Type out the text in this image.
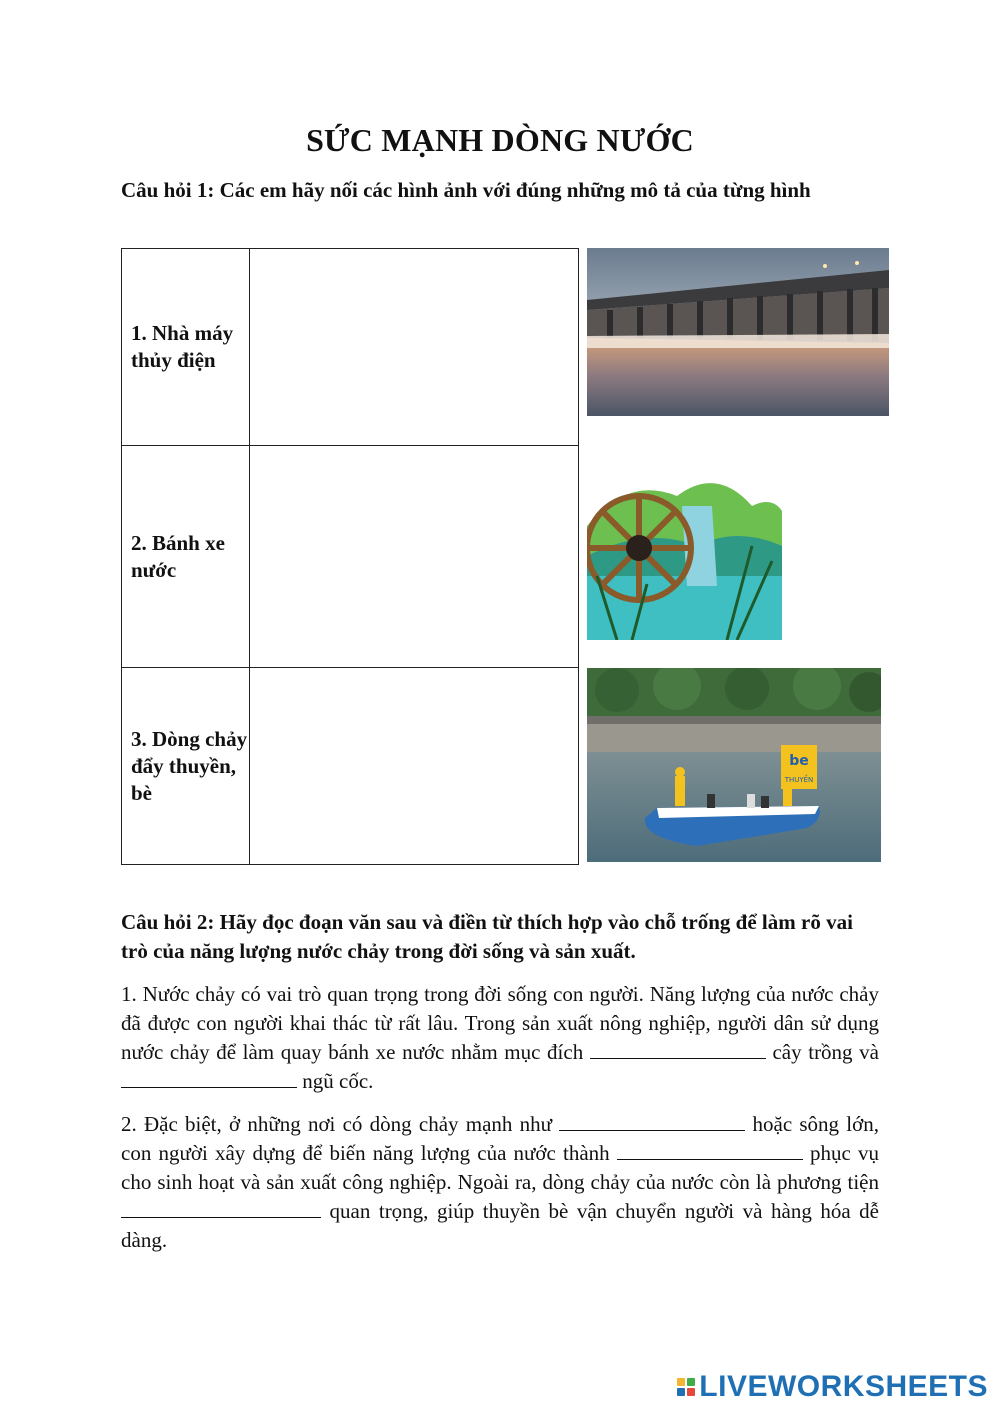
SỨC MẠNH DÒNG NƯỚC
Câu hỏi 1: Các em hãy nối các hình ảnh với đúng những mô tả của từng hình
1. Nhà máy thủy điện	
2. Bánh xe nước	
3. Dòng chảy đẩy thuyền, bè	
be
THUYỀN
Câu hỏi 2: Hãy đọc đoạn văn sau và điền từ thích hợp vào chỗ trống để làm rõ vai trò của năng lượng nước chảy trong đời sống và sản xuất.
1. Nước chảy có vai trò quan trọng trong đời sống con người. Năng lượng của nước chảy đã được con người khai thác từ rất lâu. Trong sản xuất nông nghiệp, người dân sử dụng nước chảy để làm quay bánh xe nước nhằm mục đích	cây trồng và  ngũ cốc.
2. Đặc biệt, ở những nơi có dòng chảy mạnh như	hoặc sông lớn, con người xây dựng để biến năng lượng của nước thành	phục vụ cho sinh hoạt và sản xuất công nghiệp. Ngoài ra, dòng chảy của nước còn là phương tiện  quan trọng, giúp thuyền bè vận chuyển người và hàng hóa dễ dàng.
LIVEWORKSHEETS
